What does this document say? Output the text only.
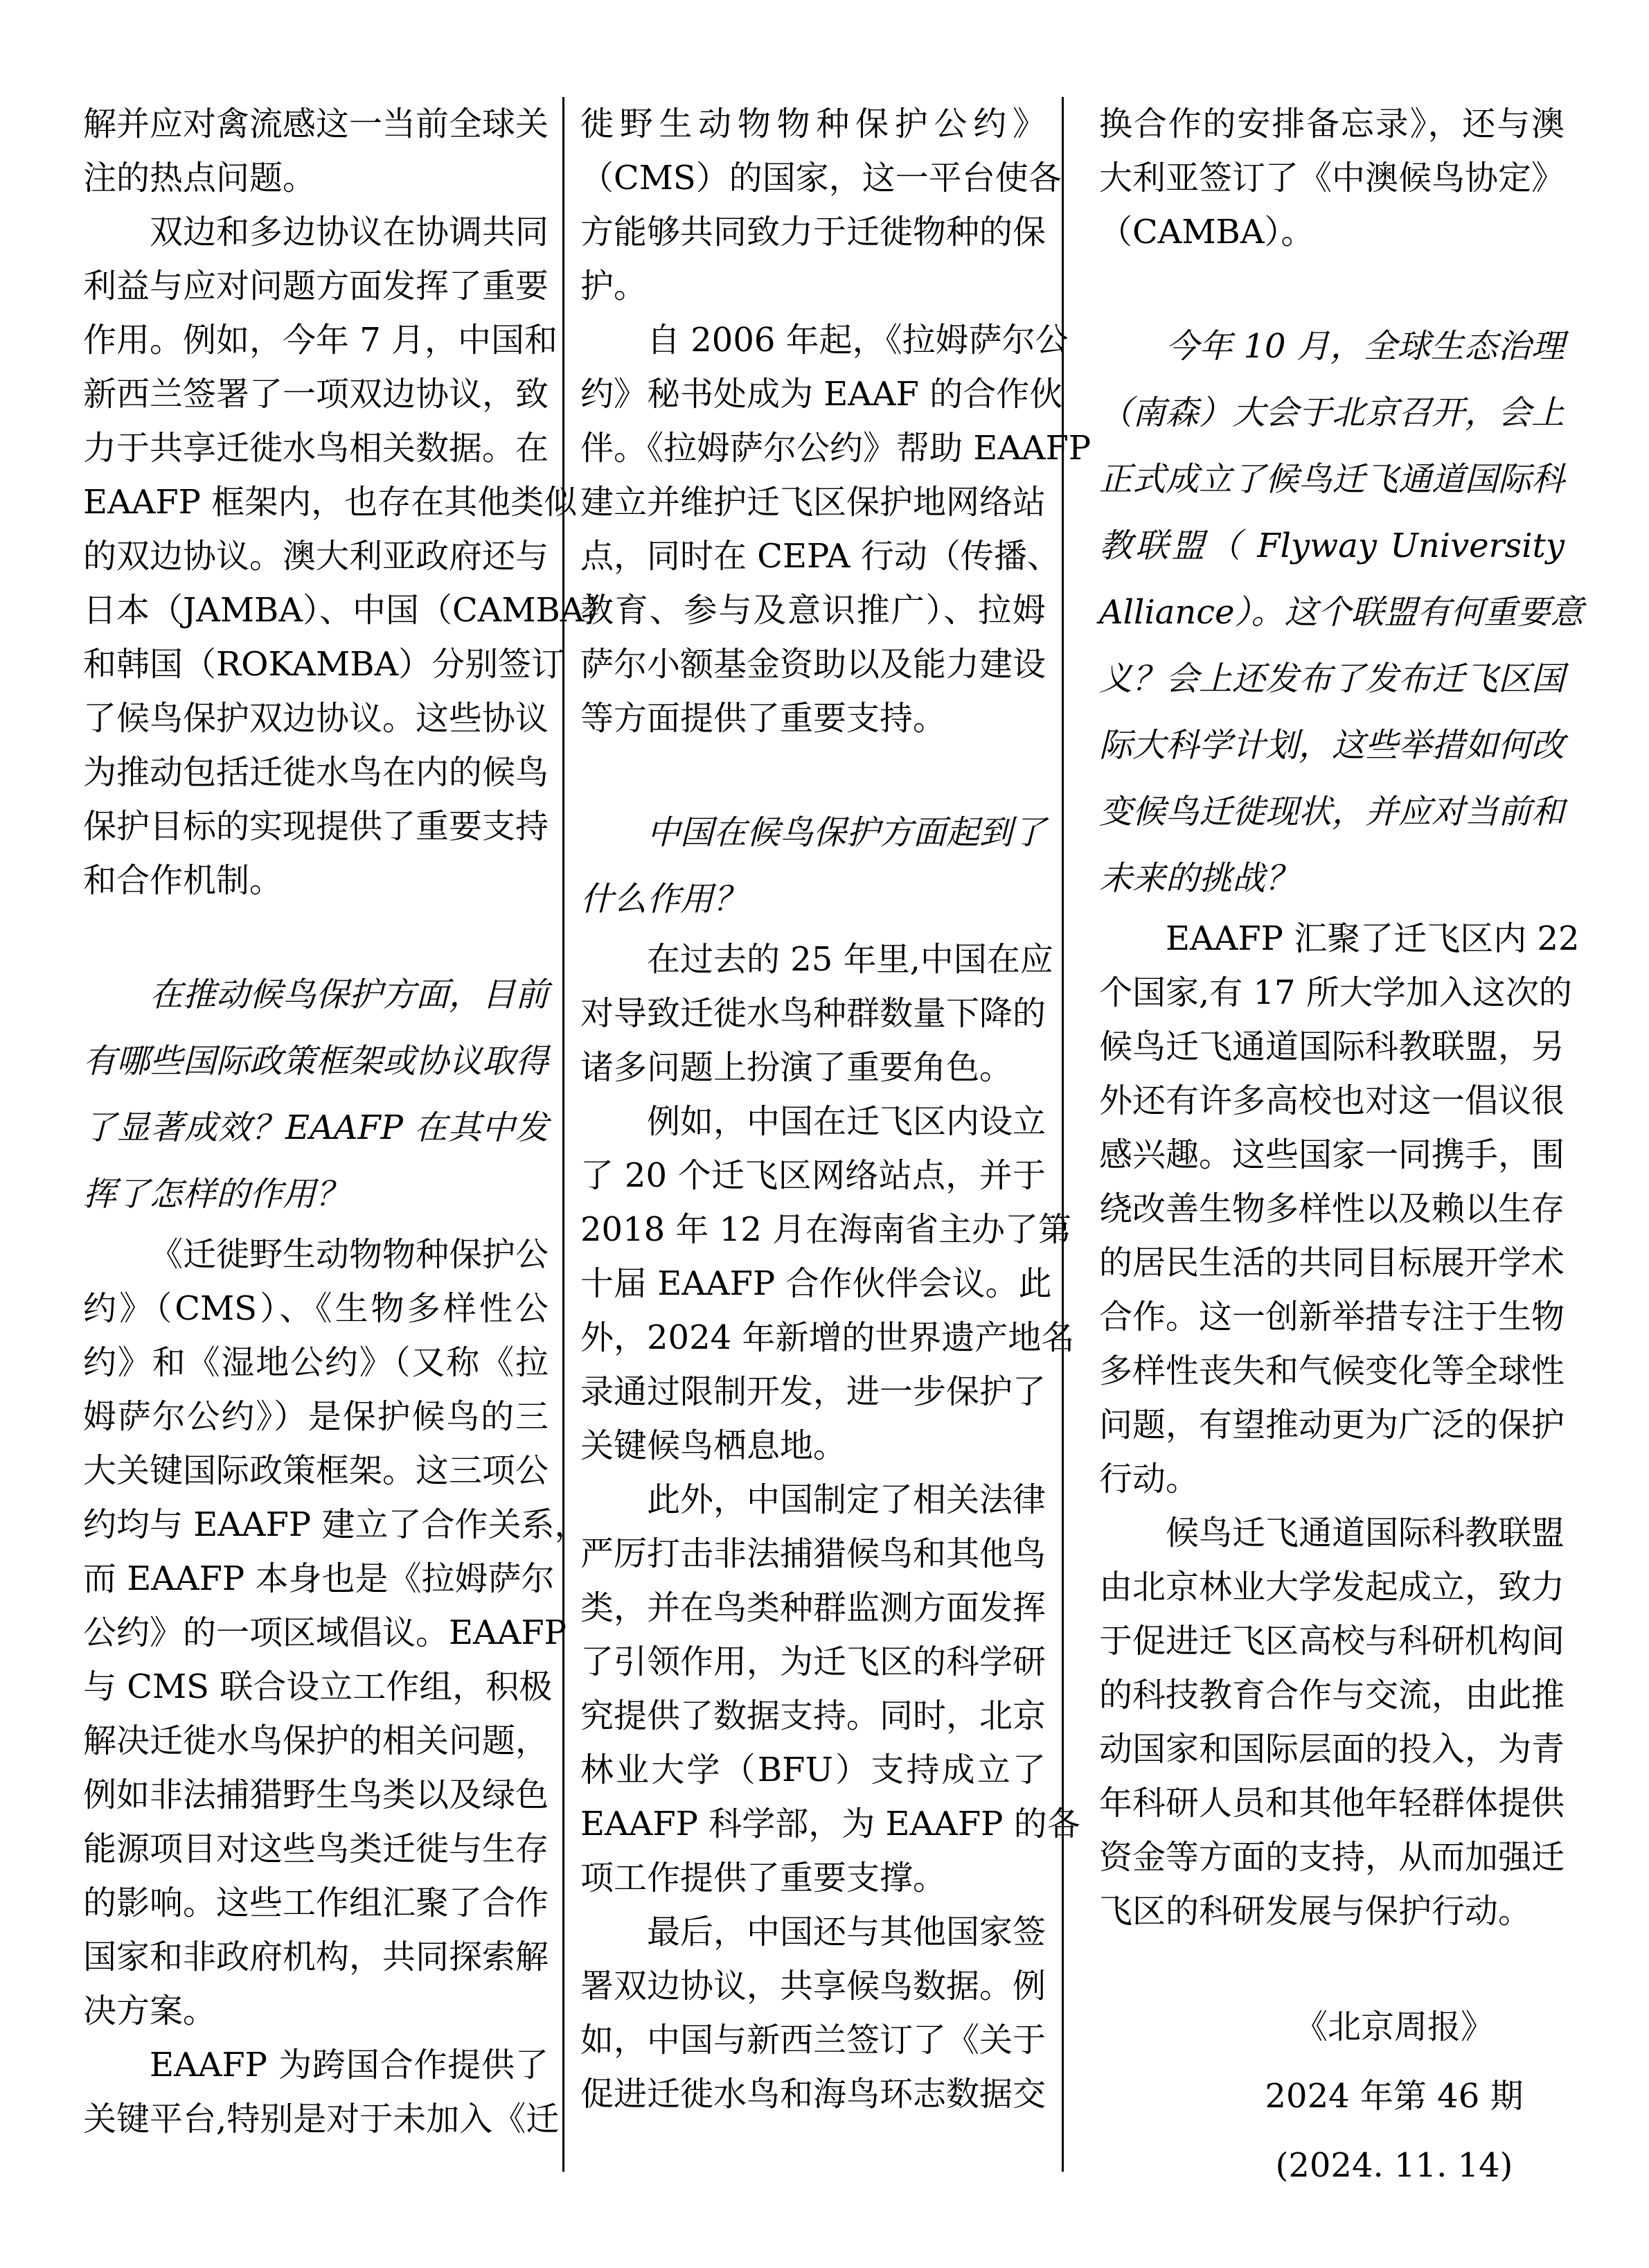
解并应对禽流感这一当前全球关
注的热点问题。
双边和多边协议在协调共同
利益与应对问题方面发挥了重要
作用。例如，今年 7 月，中国和
新西兰签署了一项双边协议，致
力于共享迁徙水鸟相关数据。在
EAAFP 框架内，也存在其他类似
的双边协议。澳大利亚政府还与
日本（JAMBA）、中国（CAMBA）
和韩国（ROKAMBA）分别签订
了候鸟保护双边协议。这些协议
为推动包括迁徙水鸟在内的候鸟
保护目标的实现提供了重要支持
和合作机制。
在推动候鸟保护方面，目前
有哪些国际政策框架或协议取得
了显著成效？EAAFP 在其中发
挥了怎样的作用？
《迁徙野生动物物种保护公
约》（CMS）、《生物多样性公
约》和《湿地公约》（又称《拉
姆萨尔公约》）是保护候鸟的三
大关键国际政策框架。这三项公
约均与 EAAFP 建立了合作关系，
而 EAAFP 本身也是《拉姆萨尔
公约》的一项区域倡议。EAAFP
与 CMS 联合设立工作组，积极
解决迁徙水鸟保护的相关问题，
例如非法捕猎野生鸟类以及绿色
能源项目对这些鸟类迁徙与生存
的影响。这些工作组汇聚了合作
国家和非政府机构，共同探索解
决方案。
EAAFP 为跨国合作提供了
关键平台,特别是对于未加入《迁
徙野生动物物种保护公约》
（CMS）的国家，这一平台使各
方能够共同致力于迁徙物种的保
护。
自 2006 年起，《拉姆萨尔公
约》秘书处成为 EAAF 的合作伙
伴。《拉姆萨尔公约》帮助 EAAFP
建立并维护迁飞区保护地网络站
点，同时在 CEPA 行动（传播、
教育、参与及意识推广）、拉姆
萨尔小额基金资助以及能力建设
等方面提供了重要支持。
中国在候鸟保护方面起到了
什么作用？
在过去的 25 年里,中国在应
对导致迁徙水鸟种群数量下降的
诸多问题上扮演了重要角色。
例如，中国在迁飞区内设立
了 20 个迁飞区网络站点，并于
2018 年 12 月在海南省主办了第
十届 EAAFP 合作伙伴会议。此
外，2024 年新增的世界遗产地名
录通过限制开发，进一步保护了
关键候鸟栖息地。
此外，中国制定了相关法律
严厉打击非法捕猎候鸟和其他鸟
类，并在鸟类种群监测方面发挥
了引领作用，为迁飞区的科学研
究提供了数据支持。同时，北京
林业大学（BFU）支持成立了
EAAFP 科学部，为 EAAFP 的各
项工作提供了重要支撑。
最后，中国还与其他国家签
署双边协议，共享候鸟数据。例
如，中国与新西兰签订了《关于
促进迁徙水鸟和海鸟环志数据交
换合作的安排备忘录》，还与澳
大利亚签订了《中澳候鸟协定》
（CAMBA）。
今年 10 月，全球生态治理
（南森）大会于北京召开，会上
正式成立了候鸟迁飞通道国际科
教联盟（ Flyway University
Alliance）。这个联盟有何重要意
义？会上还发布了发布迁飞区国
际大科学计划，这些举措如何改
变候鸟迁徙现状，并应对当前和
未来的挑战？
EAAFP 汇聚了迁飞区内 22
个国家,有 17 所大学加入这次的
候鸟迁飞通道国际科教联盟，另
外还有许多高校也对这一倡议很
感兴趣。这些国家一同携手，围
绕改善生物多样性以及赖以生存
的居民生活的共同目标展开学术
合作。这一创新举措专注于生物
多样性丧失和气候变化等全球性
问题，有望推动更为广泛的保护
行动。
候鸟迁飞通道国际科教联盟
由北京林业大学发起成立，致力
于促进迁飞区高校与科研机构间
的科技教育合作与交流，由此推
动国家和国际层面的投入，为青
年科研人员和其他年轻群体提供
资金等方面的支持，从而加强迁
飞区的科研发展与保护行动。
《北京周报》
2024 年第 46 期
(2024. 11. 14)
